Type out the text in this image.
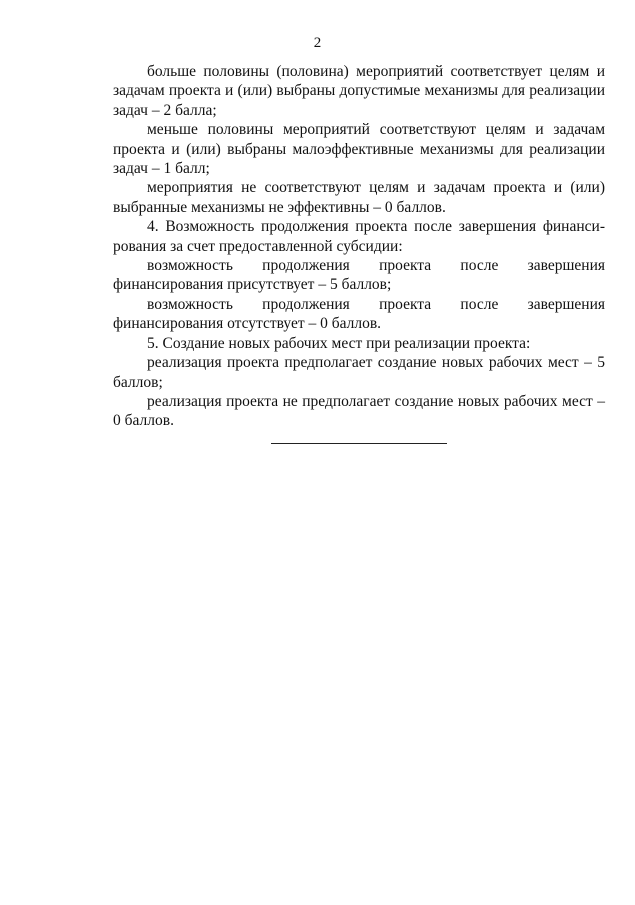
2

больше половины (половина) мероприятий соответствует целям и задачам проекта и (или) выбраны допустимые механизмы для реализации задач – 2 балла;

меньше половины мероприятий соответствуют целям и задачам проекта и (или) выбраны малоэффективные механизмы для реализации задач – 1 балл;

мероприятия не соответствуют целям и задачам проекта и (или) выбранные механизмы не эффективны – 0 баллов.

4. Возможность продолжения проекта после завершения финансирования за счет предоставленной субсидии:

возможность продолжения проекта после завершения финансирования присутствует – 5 баллов;

возможность продолжения проекта после завершения финансирования отсутствует – 0 баллов.

5. Создание новых рабочих мест при реализации проекта:

реализация проекта предполагает создание новых рабочих мест – 5 баллов;

реализация проекта не предполагает создание новых рабочих мест – 0 баллов.
